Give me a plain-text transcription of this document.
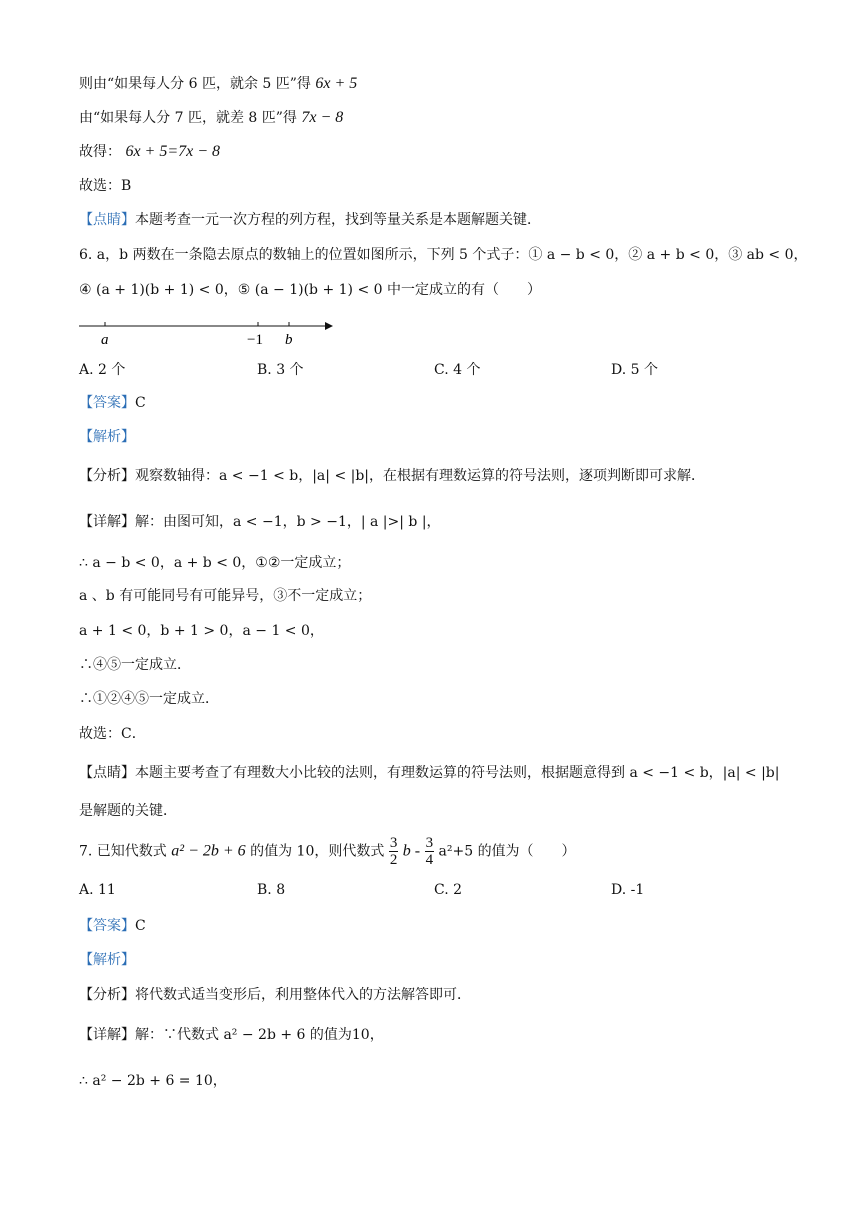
则由“如果每人分 6 匹，就余 5 匹”得 6x + 5
由“如果每人分 7 匹，就差 8 匹”得 7x − 8
故得： 6x + 5=7x − 8
故选：B
【点睛】本题考查一元一次方程的列方程，找到等量关系是本题解题关键．
6. a，b 两数在一条隐去原点的数轴上的位置如图所示，下列 5 个式子：① a − b < 0，② a + b < 0，③ ab < 0，
④ (a + 1)(b + 1) < 0，⑤ (a − 1)(b + 1) < 0 中一定成立的有（　　）
a	−1 b
A. 2 个	B. 3 个	C. 4 个	D. 5 个
【答案】C
【解析】
【分析】观察数轴得：a < −1 < b，|a| < |b|，在根据有理数运算的符号法则，逐项判断即可求解．
【详解】解：由图可知，a < −1，b > −1，| a |>| b |，
∴ a − b < 0，a + b < 0，①②一定成立；
a 、b 有可能同号有可能异号，③不一定成立；
a + 1 < 0，b + 1 > 0，a − 1 < 0，
∴④⑤一定成立．
∴①②④⑤一定成立．
故选：C．
【点睛】本题主要考查了有理数大小比较的法则，有理数运算的符号法则，根据题意得到 a < −1 < b，|a| < |b|
是解题的关键．
7. 已知代数式 a² − 2b + 6 的值为 10，则代数式 $\frac{3}{2}$ $b - \frac{3}{4} a^2+5$ 的值为（　　）
A. 11	B. 8	C. 2	D. -1
【答案】C
【解析】
【分析】将代数式适当变形后，利用整体代入的方法解答即可．
【详解】解：∵代数式 a² − 2b + 6 的值为10，
∴ a² − 2b + 6 = 10，
